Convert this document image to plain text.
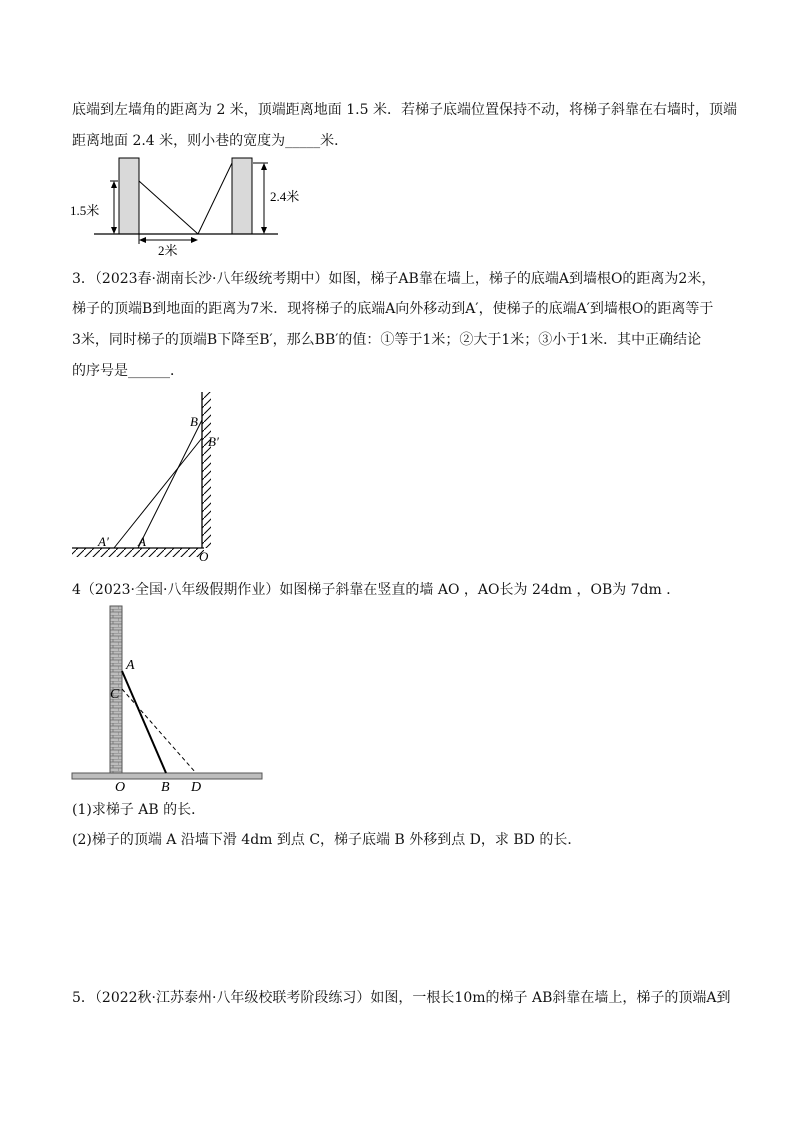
底端到左墙角的距离为 2 米，顶端距离地面 1.5 米．若梯子底端位置保持不动，将梯子斜靠在右墙时，顶端
距离地面 2.4 米，则小巷的宽度为_____米．
1.5米
2.4米
2米
3．（2023春·湖南长沙·八年级统考期中）如图，梯子AB靠在墙上，梯子的底端A到墙根O的距离为2米，
梯子的顶端B到地面的距离为7米．现将梯子的底端A向外移动到A′，使梯子的底端A′到墙根O的距离等于
3米，同时梯子的顶端B下降至B′，那么BB′的值：①等于1米；②大于1米；③小于1米．其中正确结论
的序号是______．
B
B′
A′ A
O
4（2023·全国·八年级假期作业）如图梯子斜靠在竖直的墙 AO ，AO长为 24dm ，OB为 7dm ．
A
C
O	B D
(1)求梯子 AB 的长．
(2)梯子的顶端 A 沿墙下滑 4dm 到点 C，梯子底端 B 外移到点 D，求 BD 的长．
5．（2022秋·江苏泰州·八年级校联考阶段练习）如图，一根长10m的梯子 AB斜靠在墙上，梯子的顶端A到
